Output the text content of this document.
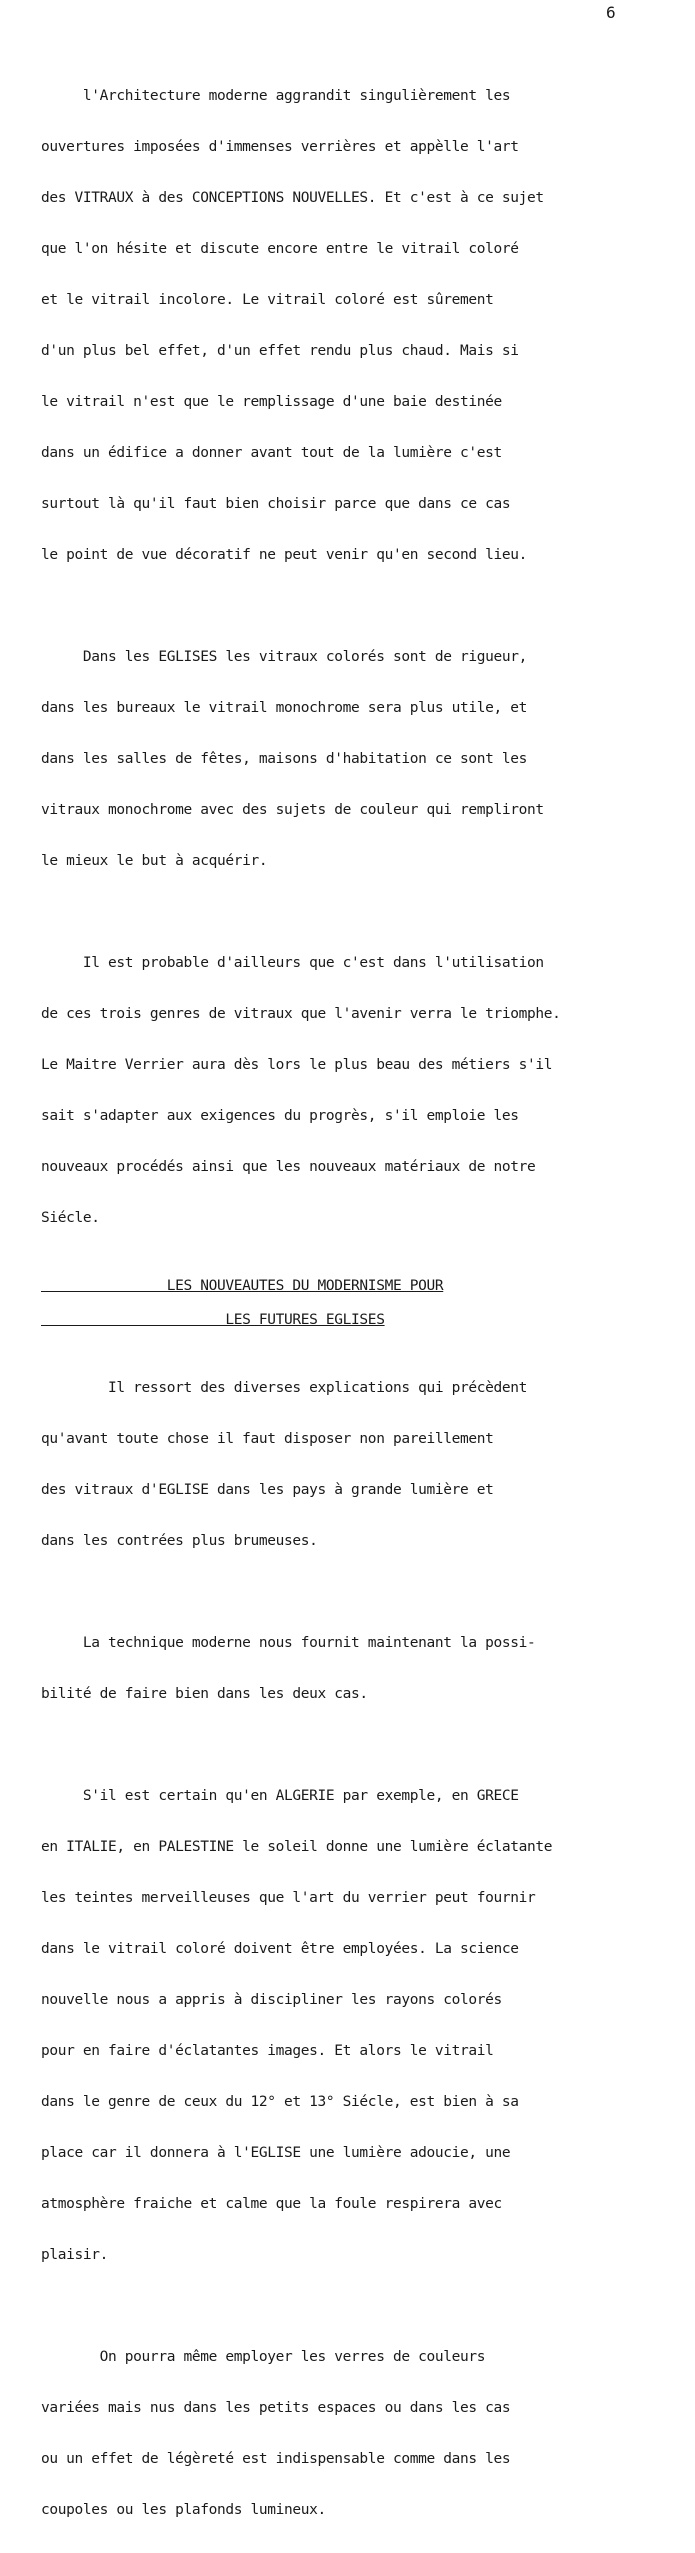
6

l'Architecture moderne aggrandit singulièrement les

ouvertures imposées d'immenses verrières et appèlle l'art

des VITRAUX à des CONCEPTIONS NOUVELLES. Et c'est à ce sujet

que l'on hésite et discute encore entre le vitrail coloré

et le vitrail incolore. Le vitrail coloré est sûrement

d'un plus bel effet, d'un effet rendu plus chaud. Mais si

le vitrail n'est que le remplissage d'une baie destinée

dans un édifice a donner avant tout de la lumière c'est

surtout là qu'il faut bien choisir parce que dans ce cas

le point de vue décoratif ne peut venir qu'en second lieu.

Dans les EGLISES les vitraux colorés sont de rigueur,

dans les bureaux le vitrail monochrome sera plus utile, et

dans les salles de fêtes, maisons d'habitation ce sont les

vitraux monochrome avec des sujets de couleur qui rempliront

le mieux le but à acquérir.

Il est probable d'ailleurs que c'est dans l'utilisation

de ces trois genres de vitraux que l'avenir verra le triomphe.

Le Maitre Verrier aura dès lors le plus beau des métiers s'il

sait s'adapter aux exigences du progrès, s'il emploie les

nouveaux procédés ainsi que les nouveaux matériaux de notre

Siécle.

LES NOUVEAUTES DU MODERNISME POUR
LES FUTURES EGLISES

Il ressort des diverses explications qui précèdent

qu'avant toute chose il faut disposer non pareillement

des vitraux d'EGLISE dans les pays à grande lumière et

dans les contrées plus brumeuses.

La technique moderne nous fournit maintenant la possi-

bilité de faire bien dans les deux cas.

S'il est certain qu'en ALGERIE par exemple, en GRECE

en ITALIE, en PALESTINE le soleil donne une lumière éclatante

les teintes merveilleuses que l'art du verrier peut fournir

dans le vitrail coloré doivent être employées. La science

nouvelle nous a appris à discipliner les rayons colorés

pour en faire d'éclatantes images. Et alors le vitrail

dans le genre de ceux du 12° et 13° Siécle, est bien à sa

place car il donnera à l'EGLISE une lumière adoucie, une

atmosphère fraiche et calme que la foule respirera avec

plaisir.

On pourra même employer les verres de couleurs

variées mais nus dans les petits espaces ou dans les cas

ou un effet de légèreté est indispensable comme dans les

coupoles ou les plafonds lumineux.
